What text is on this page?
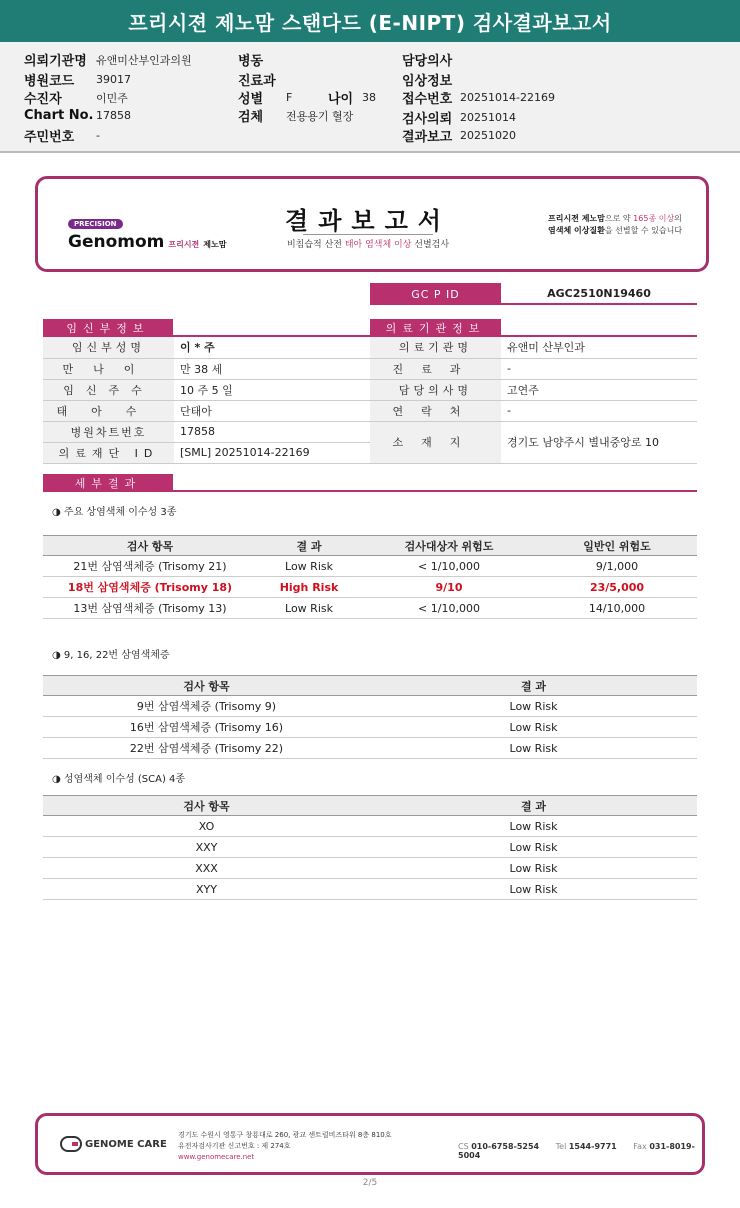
프리시젼 제노맘 스탠다드 (E-NIPT) 검사결과보고서
의뢰기관명 유앤미산부인과의원
병원코드	39017
수진자	이민주
Chart No. 17858
주민번호	-
병동
진료과
성별	F	나이 38
검체	전용용기 혈장
담당의사
임상정보
접수번호 20251014-22169
검사의뢰 20251014
결과보고 20251020
PRECISION
Genomom 프리시젼 제노맘
결과보고서
비침습적 산전 태아 염색체 이상 선별검사
프리시젼 제노맘으로 약 165종 이상의
염색체 이상질환을 선별할 수 있습니다
GC P ID	AGC2510N19460
임신부정보	의료기관정보
임신부성명	이 * 주
만나이	만 38 세
임신주수	10 주 5 일
태아수	단태아
병원차트번호	17858
의료재단 ID	[SML] 20251014-22169
의료기관명	유앤미 산부인과
진료과	-
담당의사명	고연주
연락처	-
소재지	경기도 남양주시 별내중앙로 10
세부결과
◑ 주요 상염색체 이수성 3종
검사 항목	결 과	검사대상자 위험도	일반인 위험도
21번 삼염색체증 (Trisomy 21)	Low Risk	< 1/10,000	9/1,000
18번 삼염색체증 (Trisomy 18)	High Risk	9/10	23/5,000
13번 삼염색체증 (Trisomy 13)	Low Risk	< 1/10,000	14/10,000
◑ 9, 16, 22번 삼염색체증
검사 항목	결 과
9번 삼염색체증 (Trisomy 9)	Low Risk
16번 삼염색체증 (Trisomy 16)	Low Risk
22번 삼염색체증 (Trisomy 22)	Low Risk
◑ 성염색체 이수성 (SCA) 4종
검사 항목	결 과
XO	Low Risk
XXY	Low Risk
XXX	Low Risk
XYY	Low Risk
GENOME CARE
경기도 수원시 영통구 창룡대로 260, 광교 센트럴비즈타워 8층 810호
유전자검사기관 신고번호 : 제 274호
www.genomecare.net
CS 010-6758-5254 Tel 1544-9771 Fax 031-8019-5004
2/5
